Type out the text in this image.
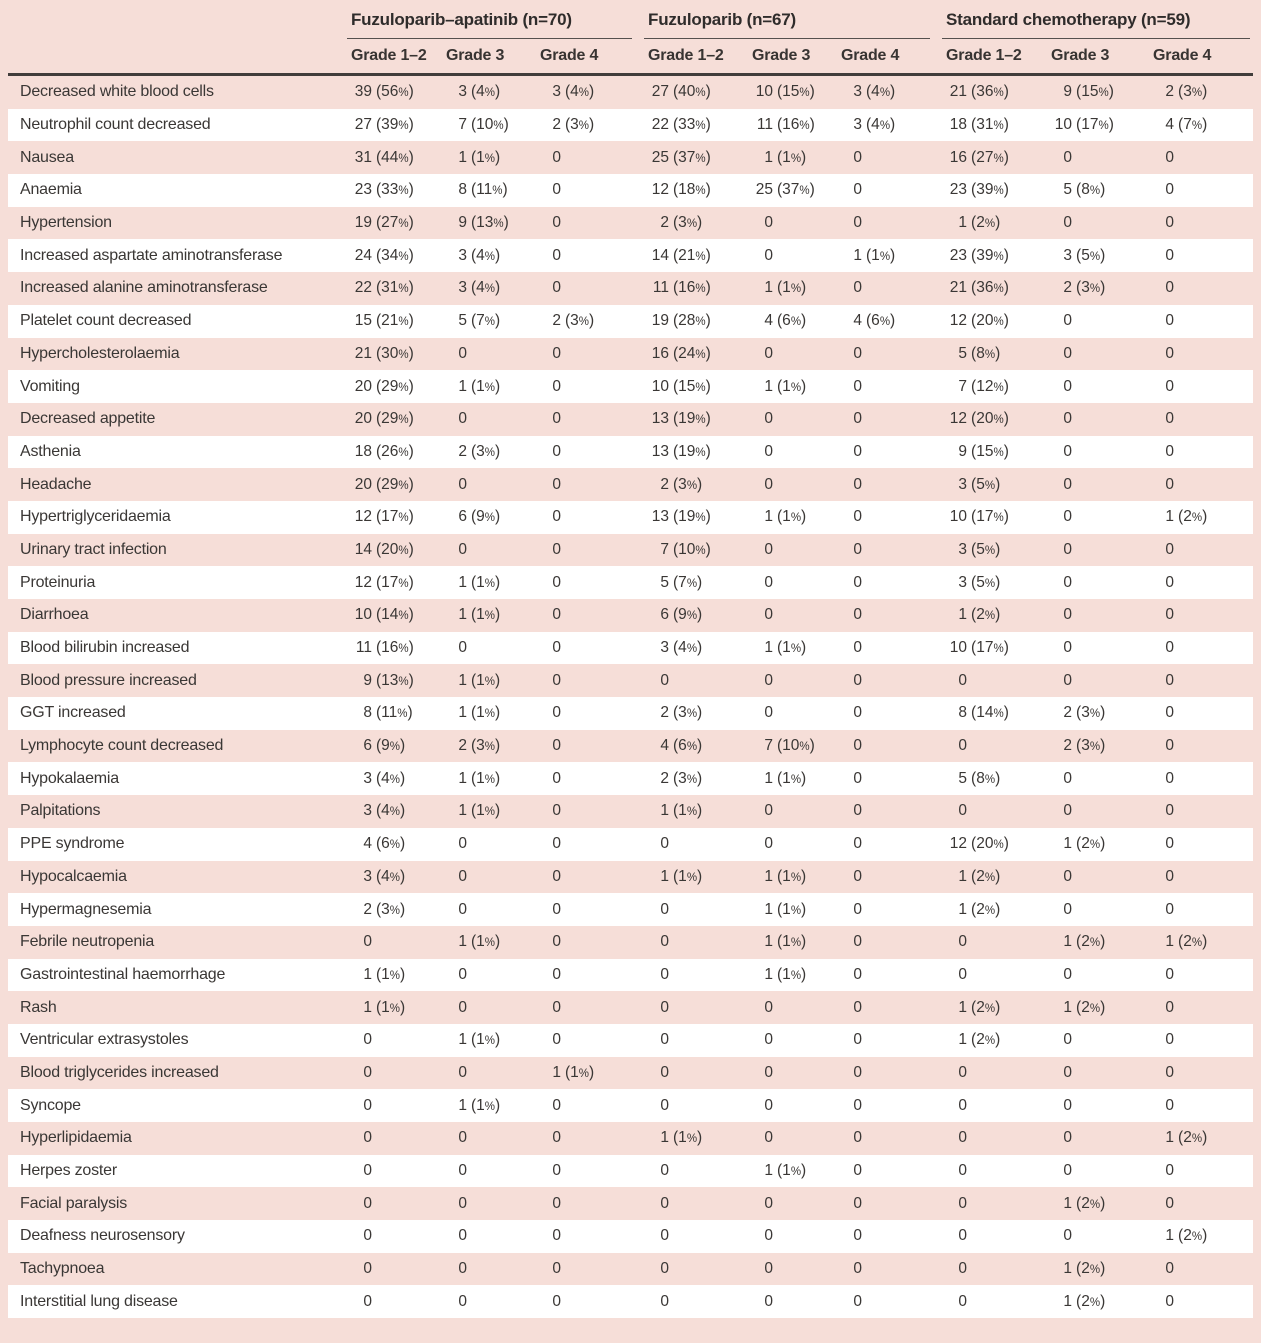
	Fuzuloparib–apatinib (n=70)			Fuzuloparib (n=67)			Standard chemotherapy (n=59)		
	Grade 1–2	Grade 3	Grade 4	Grade 1–2	Grade 3	Grade 4	Grade 1–2	Grade 3	Grade 4
Decreased white blood cells	39 (56%)	3 (4%)	3 (4%)	27 (40%)	10 (15%)	3 (4%)	21 (36%)	9 (15%)	2 (3%)

Neutrophil count decreased	27 (39%)	7 (10%)	2 (3%)	22 (33%)	11 (16%)	3 (4%)	18 (31%)	10 (17%)	4 (7%)

Nausea	31 (44%)	1 (1%)	0	25 (37%)	1 (1%)	0	16 (27%)	0	0

Anaemia	23 (33%)	8 (11%)	0	12 (18%)	25 (37%)	0	23 (39%)	5 (8%)	0

Hypertension	19 (27%)	9 (13%)	0	2 (3%)	0	0	1 (2%)	0	0

Increased aspartate aminotransferase	24 (34%)	3 (4%)	0	14 (21%)	0	1 (1%)	23 (39%)	3 (5%)	0

Increased alanine aminotransferase	22 (31%)	3 (4%)	0	11 (16%)	1 (1%)	0	21 (36%)	2 (3%)	0

Platelet count decreased	15 (21%)	5 (7%)	2 (3%)	19 (28%)	4 (6%)	4 (6%)	12 (20%)	0	0

Hypercholesterolaemia	21 (30%)	0	0	16 (24%)	0	0	5 (8%)	0	0

Vomiting	20 (29%)	1 (1%)	0	10 (15%)	1 (1%)	0	7 (12%)	0	0

Decreased appetite	20 (29%)	0	0	13 (19%)	0	0	12 (20%)	0	0

Asthenia	18 (26%)	2 (3%)	0	13 (19%)	0	0	9 (15%)	0	0

Headache	20 (29%)	0	0	2 (3%)	0	0	3 (5%)	0	0

Hypertriglyceridaemia	12 (17%)	6 (9%)	0	13 (19%)	1 (1%)	0	10 (17%)	0	1 (2%)

Urinary tract infection	14 (20%)	0	0	7 (10%)	0	0	3 (5%)	0	0

Proteinuria	12 (17%)	1 (1%)	0	5 (7%)	0	0	3 (5%)	0	0

Diarrhoea	10 (14%)	1 (1%)	0	6 (9%)	0	0	1 (2%)	0	0

Blood bilirubin increased	11 (16%)	0	0	3 (4%)	1 (1%)	0	10 (17%)	0	0

Blood pressure increased	9 (13%)	1 (1%)	0	0	0	0	0	0	0

GGT increased	8 (11%)	1 (1%)	0	2 (3%)	0	0	8 (14%)	2 (3%)	0

Lymphocyte count decreased	6 (9%)	2 (3%)	0	4 (6%)	7 (10%)	0	0	2 (3%)	0

Hypokalaemia	3 (4%)	1 (1%)	0	2 (3%)	1 (1%)	0	5 (8%)	0	0

Palpitations	3 (4%)	1 (1%)	0	1 (1%)	0	0	0	0	0

PPE syndrome	4 (6%)	0	0	0	0	0	12 (20%)	1 (2%)	0

Hypocalcaemia	3 (4%)	0	0	1 (1%)	1 (1%)	0	1 (2%)	0	0

Hypermagnesemia	2 (3%)	0	0	0	1 (1%)	0	1 (2%)	0	0

Febrile neutropenia	0	1 (1%)	0	0	1 (1%)	0	0	1 (2%)	1 (2%)

Gastrointestinal haemorrhage	1 (1%)	0	0	0	1 (1%)	0	0	0	0

Rash	1 (1%)	0	0	0	0	0	1 (2%)	1 (2%)	0

Ventricular extrasystoles	0	1 (1%)	0	0	0	0	1 (2%)	0	0

Blood triglycerides increased	0	0	1 (1%)	0	0	0	0	0	0

Syncope	0	1 (1%)	0	0	0	0	0	0	0

Hyperlipidaemia	0	0	0	1 (1%)	0	0	0	0	1 (2%)

Herpes zoster	0	0	0	0	1 (1%)	0	0	0	0

Facial paralysis	0	0	0	0	0	0	0	1 (2%)	0

Deafness neurosensory	0	0	0	0	0	0	0	0	1 (2%)

Tachypnoea	0	0	0	0	0	0	0	1 (2%)	0

Interstitial lung disease	0	0	0	0	0	0	0	1 (2%)	0
